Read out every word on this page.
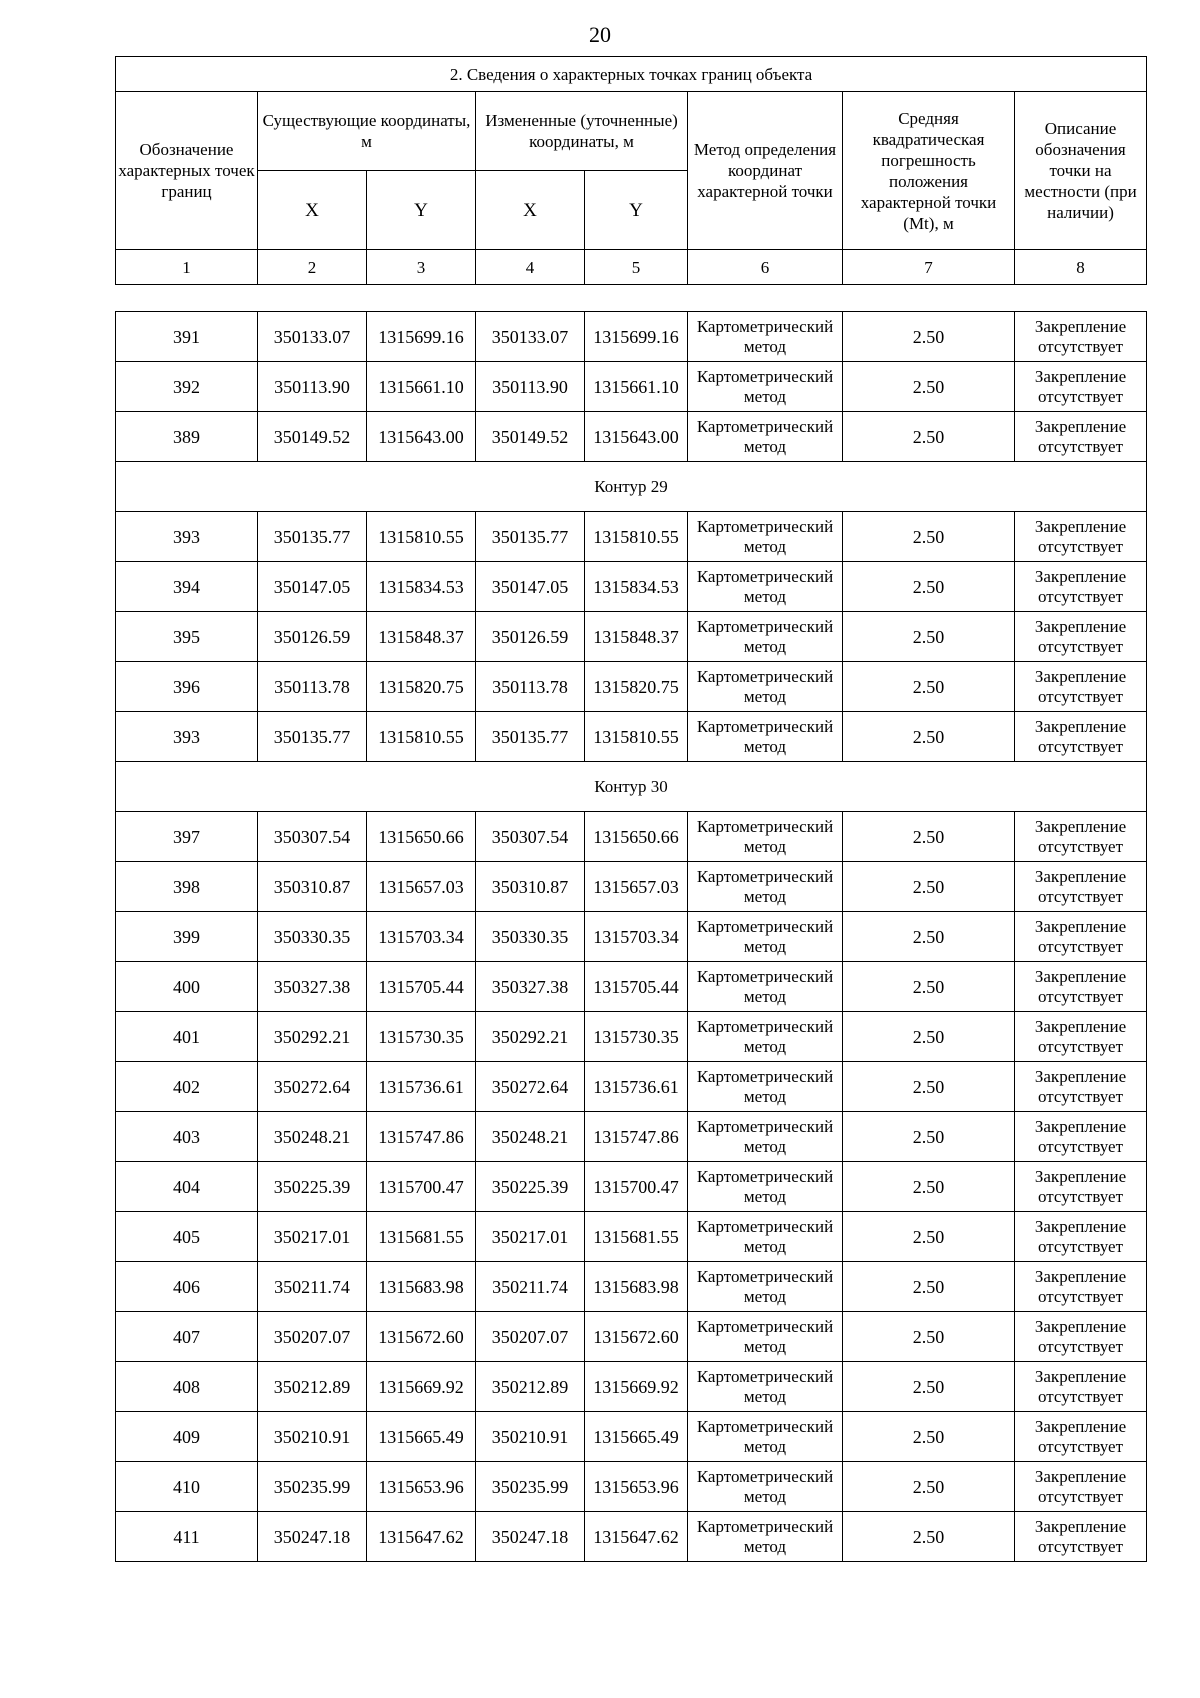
20
2. Сведения о характерных точках границ объекта							
Обозначение характерных точек границ	Существующие координаты, м		Измененные (уточненные) координаты, м		Метод определения координат характерной точки	Средняя квадратическая погрешность положения характерной точки (Mt), м	Описание обозначения точки на местности (при наличии)
	X	Y	X	Y			
1	2	3	4	5	6	7	8
391	350133.07	1315699.16	350133.07	1315699.16	Картометрический метод	2.50	Закрепление отсутствует
392	350113.90	1315661.10	350113.90	1315661.10	Картометрический метод	2.50	Закрепление отсутствует
389	350149.52	1315643.00	350149.52	1315643.00	Картометрический метод	2.50	Закрепление отсутствует
Контур 29							
393	350135.77	1315810.55	350135.77	1315810.55	Картометрический метод	2.50	Закрепление отсутствует
394	350147.05	1315834.53	350147.05	1315834.53	Картометрический метод	2.50	Закрепление отсутствует
395	350126.59	1315848.37	350126.59	1315848.37	Картометрический метод	2.50	Закрепление отсутствует
396	350113.78	1315820.75	350113.78	1315820.75	Картометрический метод	2.50	Закрепление отсутствует
393	350135.77	1315810.55	350135.77	1315810.55	Картометрический метод	2.50	Закрепление отсутствует
Контур 30							
397	350307.54	1315650.66	350307.54	1315650.66	Картометрический метод	2.50	Закрепление отсутствует
398	350310.87	1315657.03	350310.87	1315657.03	Картометрический метод	2.50	Закрепление отсутствует
399	350330.35	1315703.34	350330.35	1315703.34	Картометрический метод	2.50	Закрепление отсутствует
400	350327.38	1315705.44	350327.38	1315705.44	Картометрический метод	2.50	Закрепление отсутствует
401	350292.21	1315730.35	350292.21	1315730.35	Картометрический метод	2.50	Закрепление отсутствует
402	350272.64	1315736.61	350272.64	1315736.61	Картометрический метод	2.50	Закрепление отсутствует
403	350248.21	1315747.86	350248.21	1315747.86	Картометрический метод	2.50	Закрепление отсутствует
404	350225.39	1315700.47	350225.39	1315700.47	Картометрический метод	2.50	Закрепление отсутствует
405	350217.01	1315681.55	350217.01	1315681.55	Картометрический метод	2.50	Закрепление отсутствует
406	350211.74	1315683.98	350211.74	1315683.98	Картометрический метод	2.50	Закрепление отсутствует
407	350207.07	1315672.60	350207.07	1315672.60	Картометрический метод	2.50	Закрепление отсутствует
408	350212.89	1315669.92	350212.89	1315669.92	Картометрический метод	2.50	Закрепление отсутствует
409	350210.91	1315665.49	350210.91	1315665.49	Картометрический метод	2.50	Закрепление отсутствует
410	350235.99	1315653.96	350235.99	1315653.96	Картометрический метод	2.50	Закрепление отсутствует
411	350247.18	1315647.62	350247.18	1315647.62	Картометрический метод	2.50	Закрепление отсутствует
